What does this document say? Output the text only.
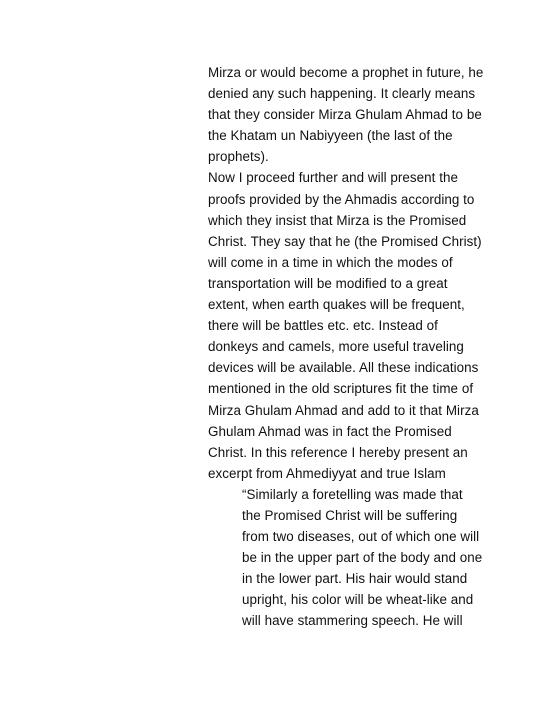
Mirza or would become a prophet in future, he
denied any such happening. It clearly means
that they consider Mirza Ghulam Ahmad to be
the Khatam un Nabiyyeen (the last of the
prophets).
Now I proceed further and will present the
proofs provided by the Ahmadis according to
which they insist that Mirza is the Promised
Christ. They say that he (the Promised Christ)
will come in a time in which the modes of
transportation will be modified to a great
extent, when earth quakes will be frequent,
there will be battles etc. etc. Instead of
donkeys and camels, more useful traveling
devices will be available. All these indications
mentioned in the old scriptures fit the time of
Mirza Ghulam Ahmad and add to it that Mirza
Ghulam Ahmad was in fact the Promised
Christ. In this reference I hereby present an
excerpt from Ahmediyyat and true Islam
“Similarly a foretelling was made that
the Promised Christ will be suffering
from two diseases, out of which one will
be in the upper part of the body and one
in the lower part. His hair would stand
upright, his color will be wheat-like and
will have stammering speech. He will
